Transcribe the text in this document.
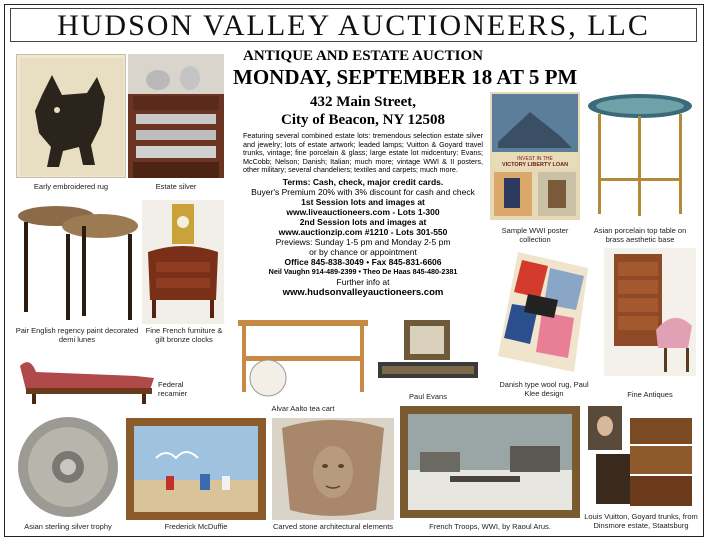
HUDSON VALLEY AUCTIONEERS, LLC
Early embroidered rug	Estate silver
Pair English regency paint decorated demi lunes
Fine French furniture & gilt bronze clocks
Federal recamier
ANTIQUE AND ESTATE AUCTION
MONDAY, SEPTEMBER 18 AT 5 PM
432 Main Street,
City of Beacon, NY 12508
Featuring several combined estate lots: tremendous selection estate silver and jewelry; lots of estate artwork; leaded lamps; Vuitton & Goyard travel trunks, vintage; fine porcelain & glass; large estate lot midcentury: Evans; McCobb; Nelson; Danish; Italian; much more; vintage WWI & II posters, other military; several chandeliers; textiles and carpets; much more.
Terms: Cash, check, major credit cards.
Buyer's Premium 20% with 3% discount for cash and check
1st Session lots and images at
www.liveauctioneers.com - Lots 1-300
2nd Session lots and images at
www.auctionzip.com #1210 - Lots 301-550
Previews: Sunday 1-5 pm and Monday 2-5 pm
or by chance or appointment
Office 845-838-3049 • Fax 845-831-6606
Neil Vaughn 914-489-2399 • Theo De Haas 845-480-2381
Further info at
www.hudsonvalleyauctioneers.com
INVEST IN THE
VICTORY LIBERTY LOAN
Sample WWI poster collection
Asian porcelain top table on brass aesthetic base
Alvar Aalto tea cart
Paul Evans
Danish type wool rug, Paul Klee design	Fine Antiques
Asian sterling silver trophy	Frederick McDuffie	Carved stone architectural elements	French Troops, WWI, by Raoul Arus.
Louis Vuitton, Goyard trunks, from Dinsmore estate, Staatsburg
